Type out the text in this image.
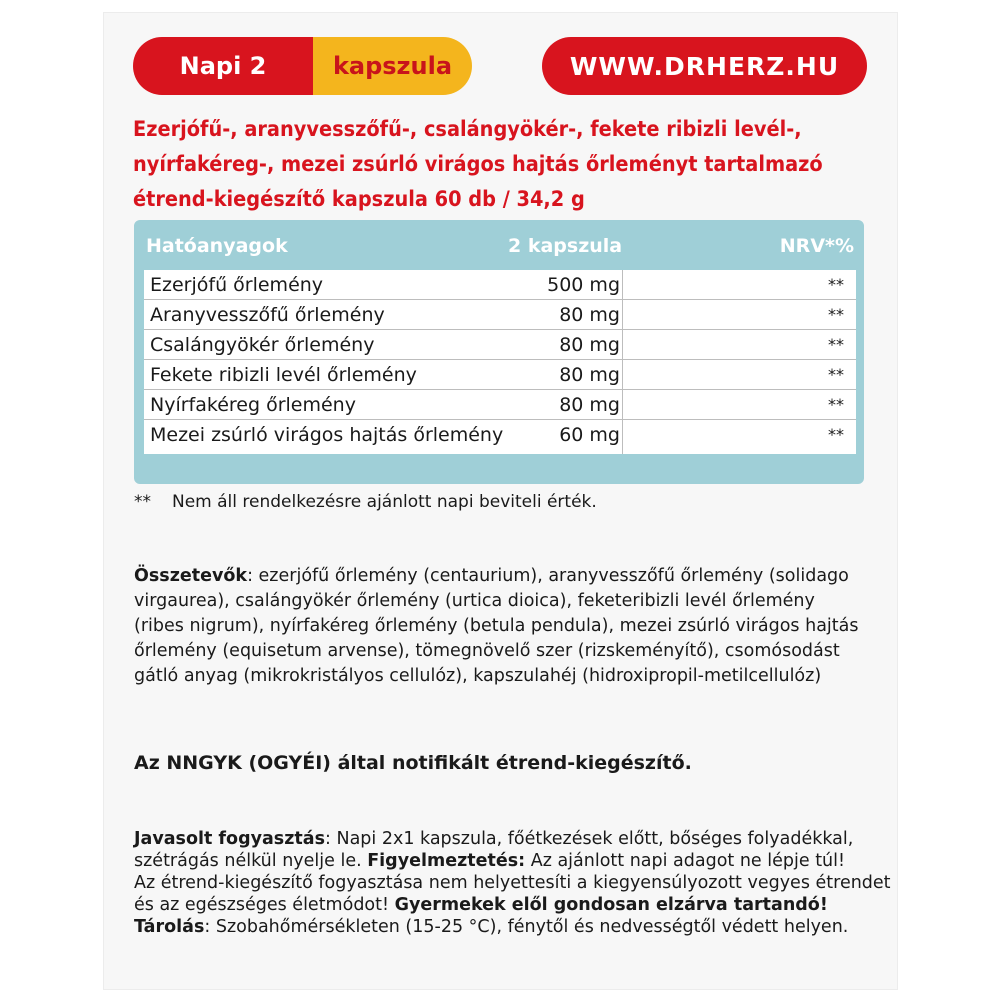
Napi 2	kapszula	WWW.DRHERZ.HU
Ezerjófű-, aranyvesszőfű-, csalángyökér-, fekete ribizli levél-,
nyírfakéreg-, mezei zsúrló virágos hajtás őrleményt tartalmazó
étrend-kiegészítő kapszula 60 db / 34,2 g
Hatóanyagok	2 kapszula	NRV*%
Ezerjófű őrlemény	500 mg	**
Aranyvesszőfű őrlemény	80 mg	**
Csalángyökér őrlemény	80 mg	**
Fekete ribizli levél őrlemény	80 mg	**
Nyírfakéreg őrlemény	80 mg	**
Mezei zsúrló virágos hajtás őrlemény	60 mg	**
** Nem áll rendelkezésre ajánlott napi beviteli érték.
Összetevők: ezerjófű őrlemény (centaurium), aranyvesszőfű őrlemény (solidago virgaurea), csalángyökér őrlemény (urtica dioica), feketeribizli levél őrlemény (ribes nigrum), nyírfakéreg őrlemény (betula pendula), mezei zsúrló virágos hajtás őrlemény (equisetum arvense), tömegnövelő szer (rizskeményítő), csomósodást gátló anyag (mikrokristályos cellulóz), kapszulahéj (hidroxipropil-metilcellulóz)
Az NNGYK (OGYÉI) által notifikált étrend-kiegészítő.
Javasolt fogyasztás: Napi 2x1 kapszula, főétkezések előtt, bőséges folyadékkal,
szétrágás nélkül nyelje le. Figyelmeztetés: Az ajánlott napi adagot ne lépje túl!
Az étrend-kiegészítő fogyasztása nem helyettesíti a kiegyensúlyozott vegyes étrendet
és az egészséges életmódot! Gyermekek elől gondosan elzárva tartandó!
Tárolás: Szobahőmérsékleten (15-25 °C), fénytől és nedvességtől védett helyen.
